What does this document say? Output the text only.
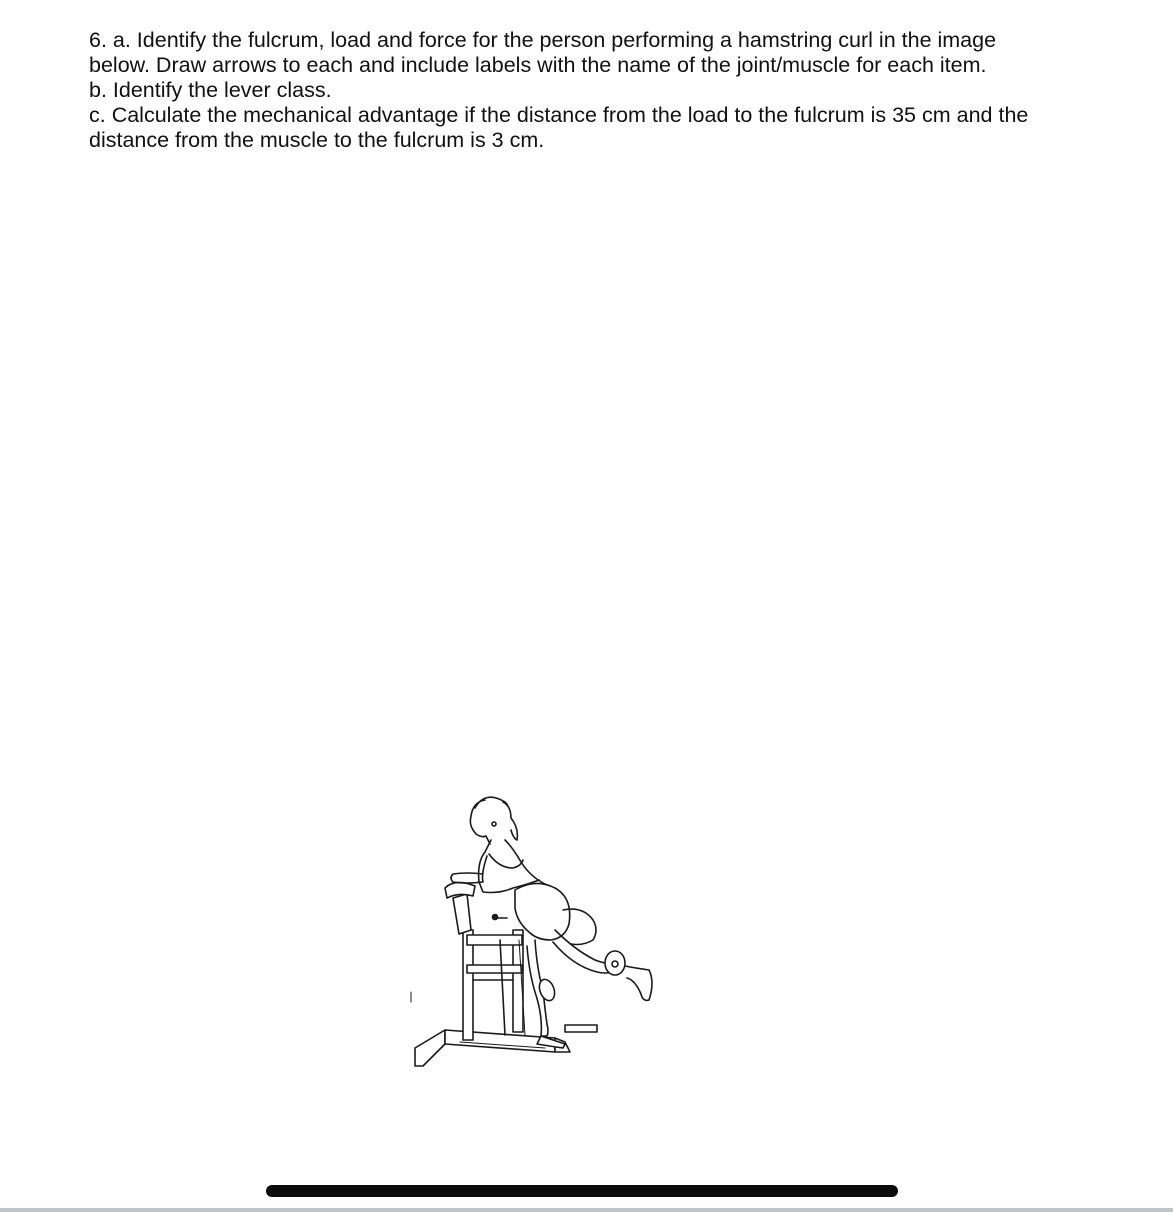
6. a. Identify the fulcrum, load and force for the person performing a hamstring curl in the image below. Draw arrows to each and include labels with the name of the joint/muscle for each item.
b. Identify the lever class.
c. Calculate the mechanical advantage if the distance from the load to the fulcrum is 35 cm and the distance from the muscle to the fulcrum is 3 cm.
